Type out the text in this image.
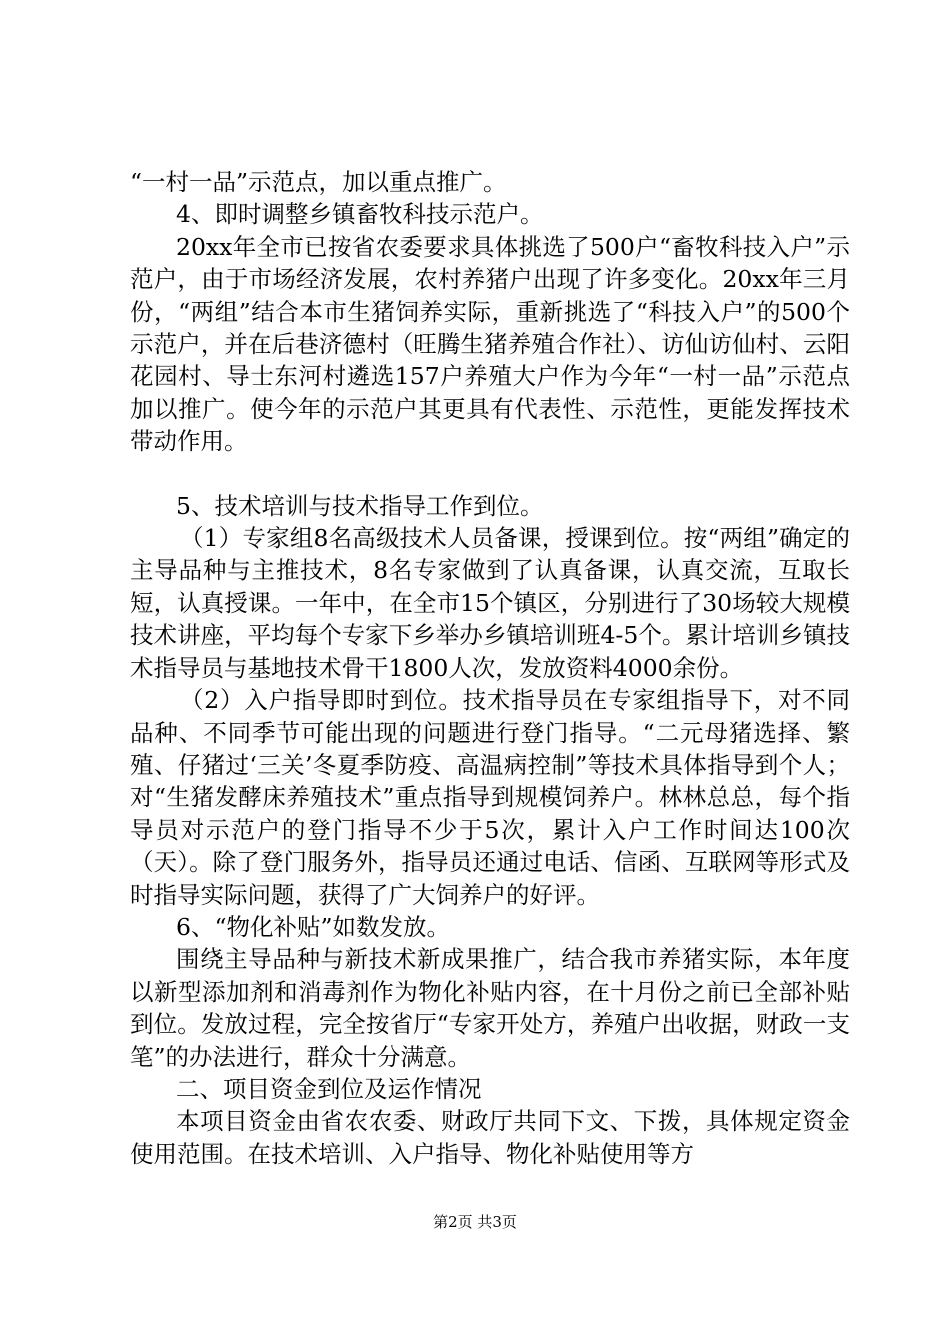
“一村一品”示范点，加以重点推广。

4、即时调整乡镇畜牧科技示范户。

20xx年全市已按省农委要求具体挑选了500户“畜牧科技入户”示范户，由于市场经济发展，农村养猪户出现了许多变化。20xx年三月份，“两组”结合本市生猪饲养实际，重新挑选了“科技入户”的500个示范户，并在后巷济德村（旺腾生猪养殖合作社）、访仙访仙村、云阳花园村、导士东河村遴选157户养殖大户作为今年“一村一品”示范点加以推广。使今年的示范户其更具有代表性、示范性，更能发挥技术带动作用。

5、技术培训与技术指导工作到位。

（1）专家组8名高级技术人员备课，授课到位。按“两组”确定的主导品种与主推技术，8名专家做到了认真备课，认真交流，互取长短，认真授课。一年中，在全市15个镇区，分别进行了30场较大规模技术讲座，平均每个专家下乡举办乡镇培训班4-5个。累计培训乡镇技术指导员与基地技术骨干1800人次，发放资料4000余份。

（2）入户指导即时到位。技术指导员在专家组指导下，对不同品种、不同季节可能出现的问题进行登门指导。“二元母猪选择、繁殖、仔猪过‘三关’冬夏季防疫、高温病控制”等技术具体指导到个人；对“生猪发酵床养殖技术”重点指导到规模饲养户。林林总总，每个指导员对示范户的登门指导不少于5次，累计入户工作时间达100次（天）。除了登门服务外，指导员还通过电话、信函、互联网等形式及时指导实际问题，获得了广大饲养户的好评。

6、“物化补贴”如数发放。

围绕主导品种与新技术新成果推广，结合我市养猪实际，本年度以新型添加剂和消毒剂作为物化补贴内容，在十月份之前已全部补贴到位。发放过程，完全按省厅“专家开处方，养殖户出收据，财政一支笔”的办法进行，群众十分满意。

二、项目资金到位及运作情况

本项目资金由省农农委、财政厅共同下文、下拨，具体规定资金使用范围。在技术培训、入户指导、物化补贴使用等方

第2页 共3页
